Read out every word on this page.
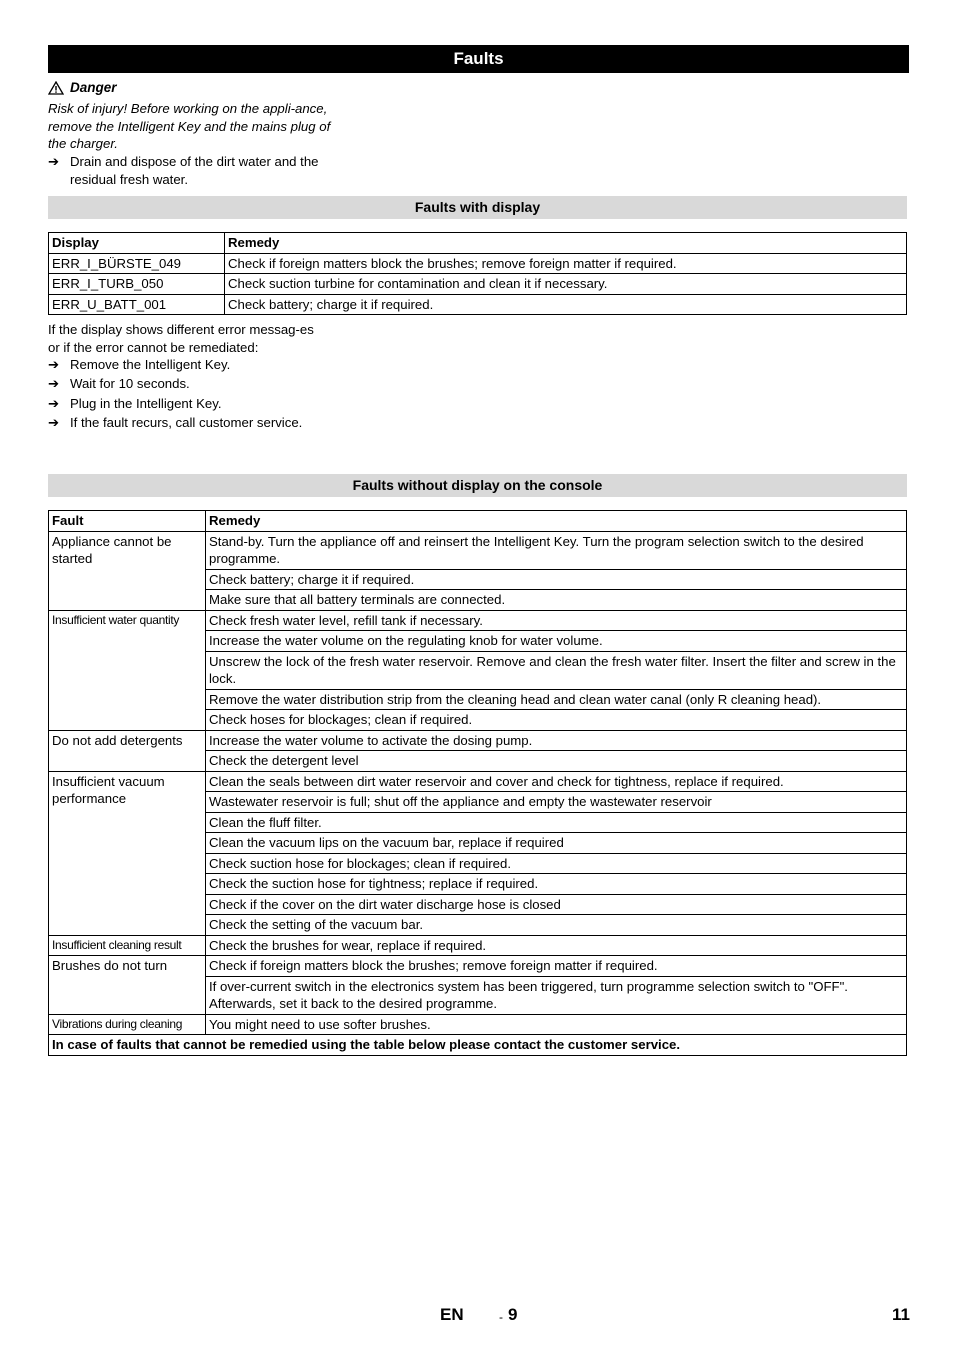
Faults
Danger
Risk of injury! Before working on the appli-ance, remove the Intelligent Key and the mains plug of the charger.
➔ Drain and dispose of the dirt water and the residual fresh water.
Faults with display
Display	Remedy
ERR_I_BÜRSTE_049	Check if foreign matters block the brushes; remove foreign matter if required.
ERR_I_TURB_050	Check suction turbine for contamination and clean it if necessary.
ERR_U_BATT_001	Check battery; charge it if required.
If the display shows different error messag-es or if the error cannot be remediated:
➔ Remove the Intelligent Key.
➔ Wait for 10 seconds.
➔ Plug in the Intelligent Key.
➔ If the fault recurs, call customer service.
Faults without display on the console
Fault	Remedy
Appliance cannot be started	Stand-by. Turn the appliance off and reinsert the Intelligent Key. Turn the program selection switch to the desired programme.
	Check battery; charge it if required.
	Make sure that all battery terminals are connected.
Insufficient water quantity	Check fresh water level, refill tank if necessary.
	Increase the water volume on the regulating knob for water volume.
	Unscrew the lock of the fresh water reservoir. Remove and clean the fresh water filter. Insert the filter and screw in the lock.
	Remove the water distribution strip from the cleaning head and clean water canal (only R cleaning head).
	Check hoses for blockages; clean if required.
Do not add detergents	Increase the water volume to activate the dosing pump.
	Check the detergent level
Insufficient vacuum performance	Clean the seals between dirt water reservoir and cover and check for tightness, replace if required.
	Wastewater reservoir is full; shut off the appliance and empty the wastewater reservoir
	Clean the fluff filter.
	Clean the vacuum lips on the vacuum bar, replace if required
	Check suction hose for blockages; clean if required.
	Check the suction hose for tightness; replace if required.
	Check if the cover on the dirt water discharge hose is closed
	Check the setting of the vacuum bar.
Insufficient cleaning result	Check the brushes for wear, replace if required.
Brushes do not turn	Check if foreign matters block the brushes; remove foreign matter if required.
	If over-current switch in the electronics system has been triggered, turn programme selection switch to "OFF". Afterwards, set it back to the desired programme.
Vibrations during cleaning	You might need to use softer brushes.
In case of faults that cannot be remedied using the table below please contact the customer service.	
EN	- 9	11
